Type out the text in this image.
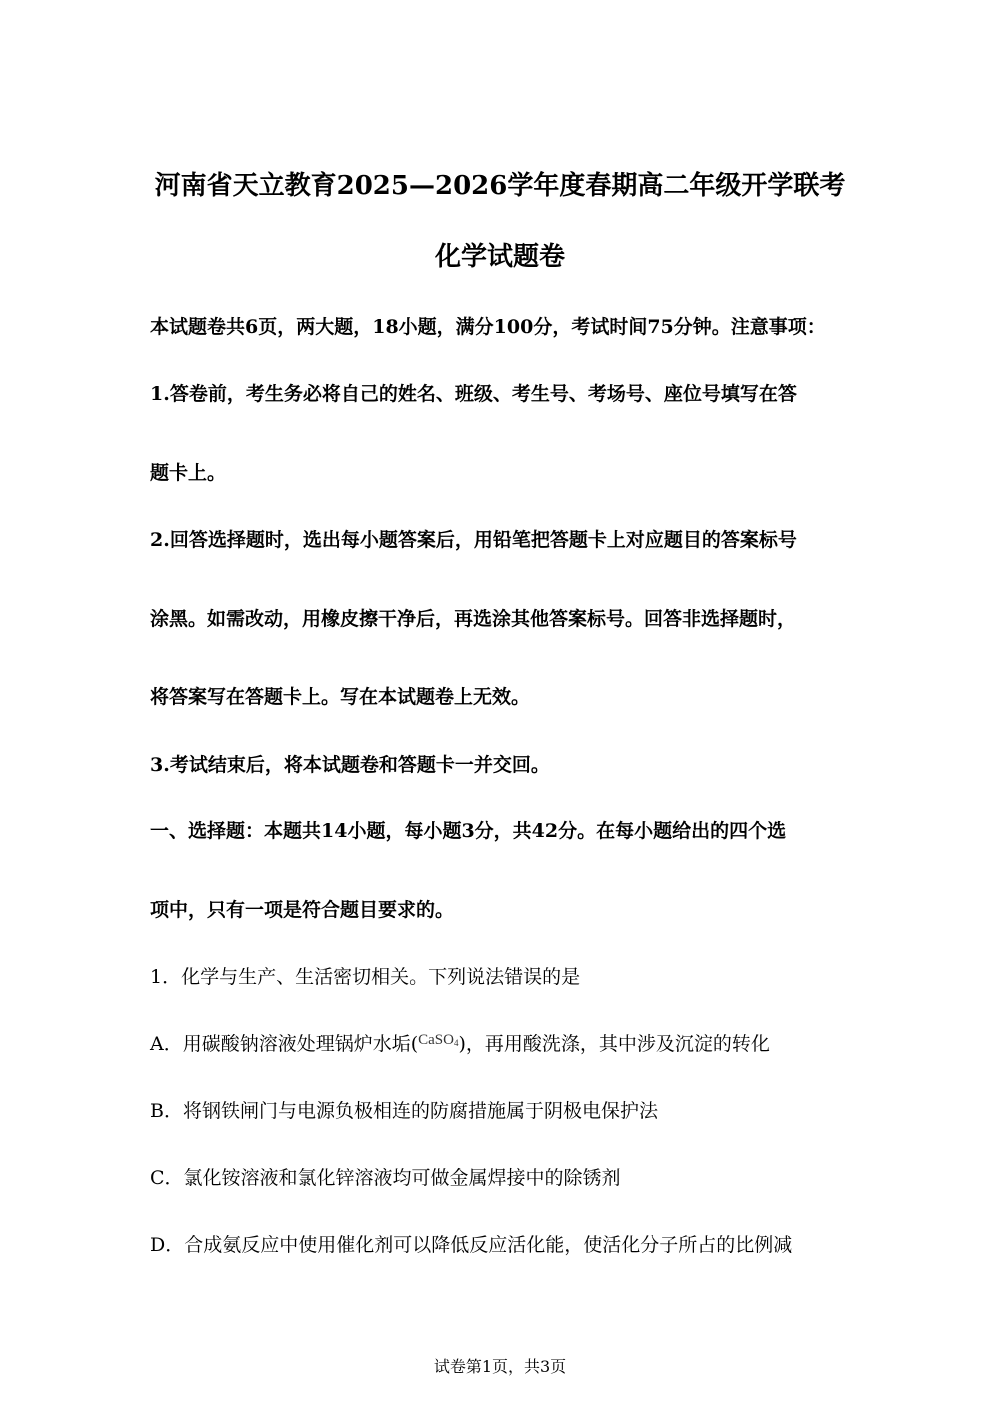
河南省天立教育2025—2026学年度春期高二年级开学联考
化学试题卷
本试题卷共6页，两大题，18小题，满分100分，考试时间75分钟。注意事项：
1.答卷前，考生务必将自己的姓名、班级、考生号、考场号、座位号填写在答
题卡上。
2.回答选择题时，选出每小题答案后，用铅笔把答题卡上对应题目的答案标号
涂黑。如需改动，用橡皮擦干净后，再选涂其他答案标号。回答非选择题时，
将答案写在答题卡上。写在本试题卷上无效。
3.考试结束后，将本试题卷和答题卡一并交回。
一、选择题：本题共14小题，每小题3分，共42分。在每小题给出的四个选
项中，只有一项是符合题目要求的。
1．化学与生产、生活密切相关。下列说法错误的是
A．用碳酸钠溶液处理锅炉水垢($^{CaSO_4}$)，再用酸洗涤，其中涉及沉淀的转化
B．将钢铁闸门与电源负极相连的防腐措施属于阴极电保护法
C．氯化铵溶液和氯化锌溶液均可做金属焊接中的除锈剂
D．合成氨反应中使用催化剂可以降低反应活化能，使活化分子所占的比例减
试卷第1页，共3页
